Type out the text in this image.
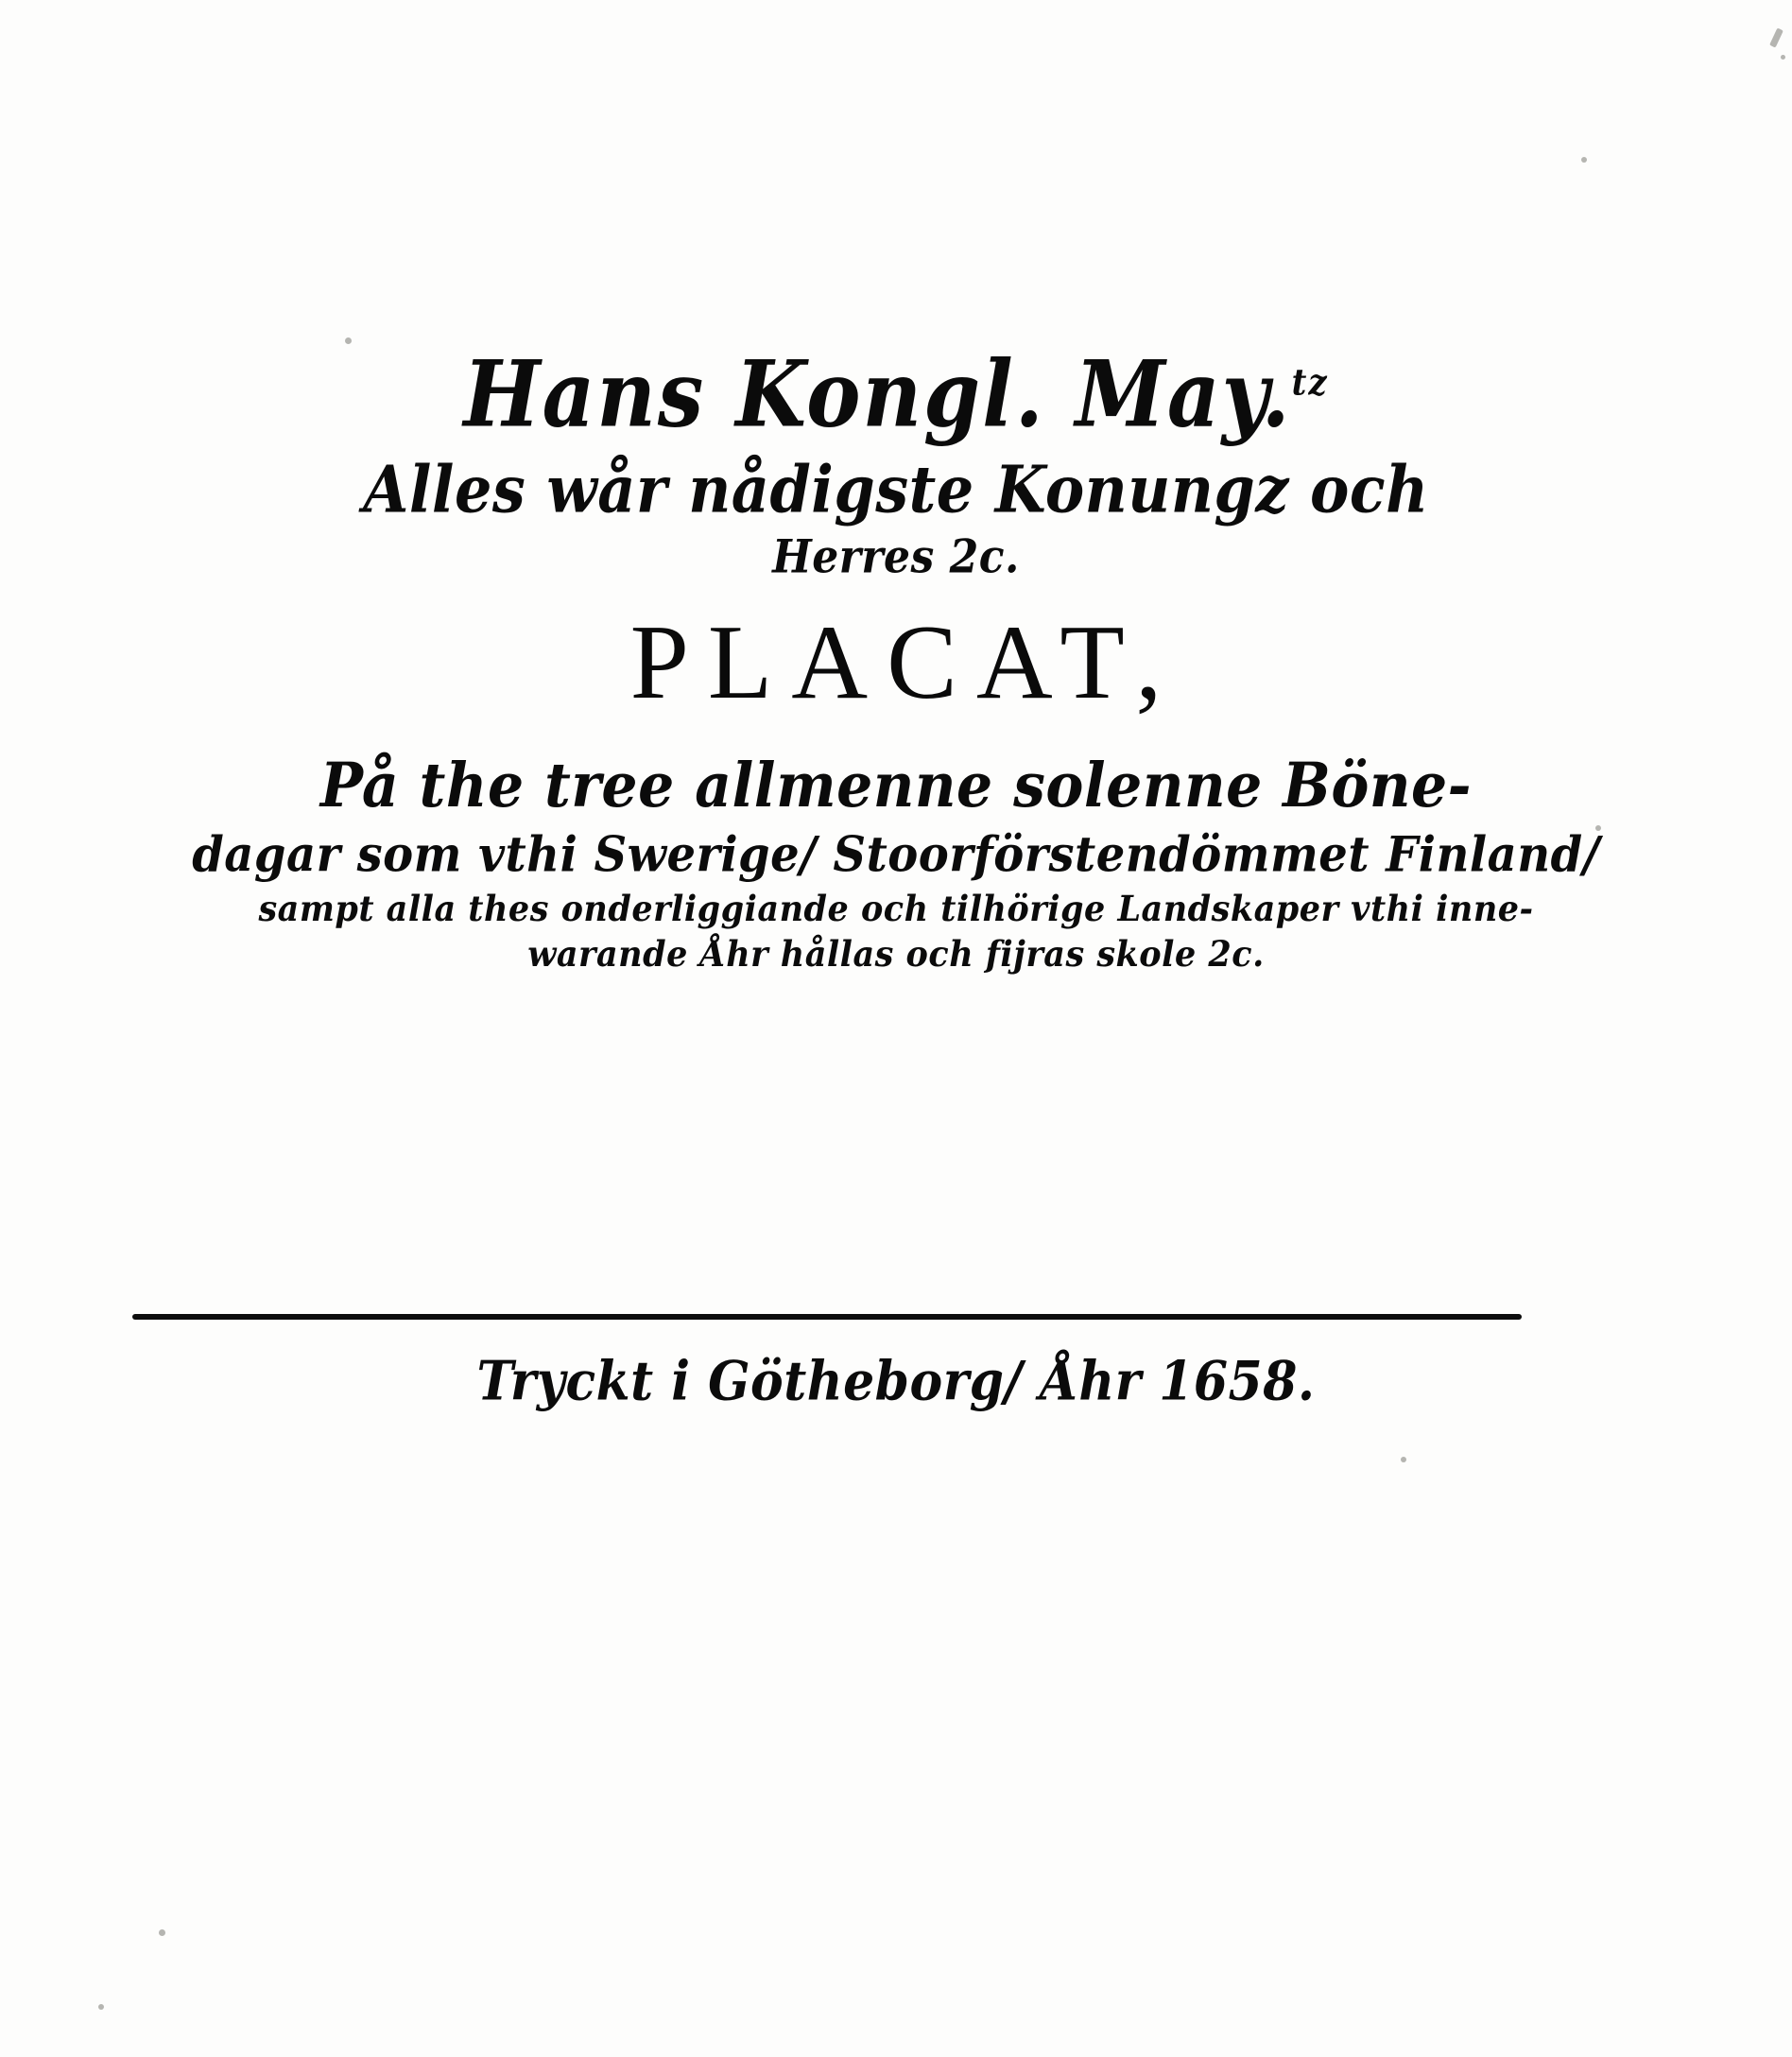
Hans Kongl. May.$^{tz}$
Alles wår nådigste Konungz och
Herres 2c.
PLACAT,
På the tree allmenne solenne Böne-
dagar som vthi Swerige/ Stoorförstendömmet Finland/
sampt alla thes onderliggiande och tilhörige Landskaper vthi inne-
warande Åhr hållas och fijras skole 2c.
Tryckt i Götheborg/ Åhr 1658.
